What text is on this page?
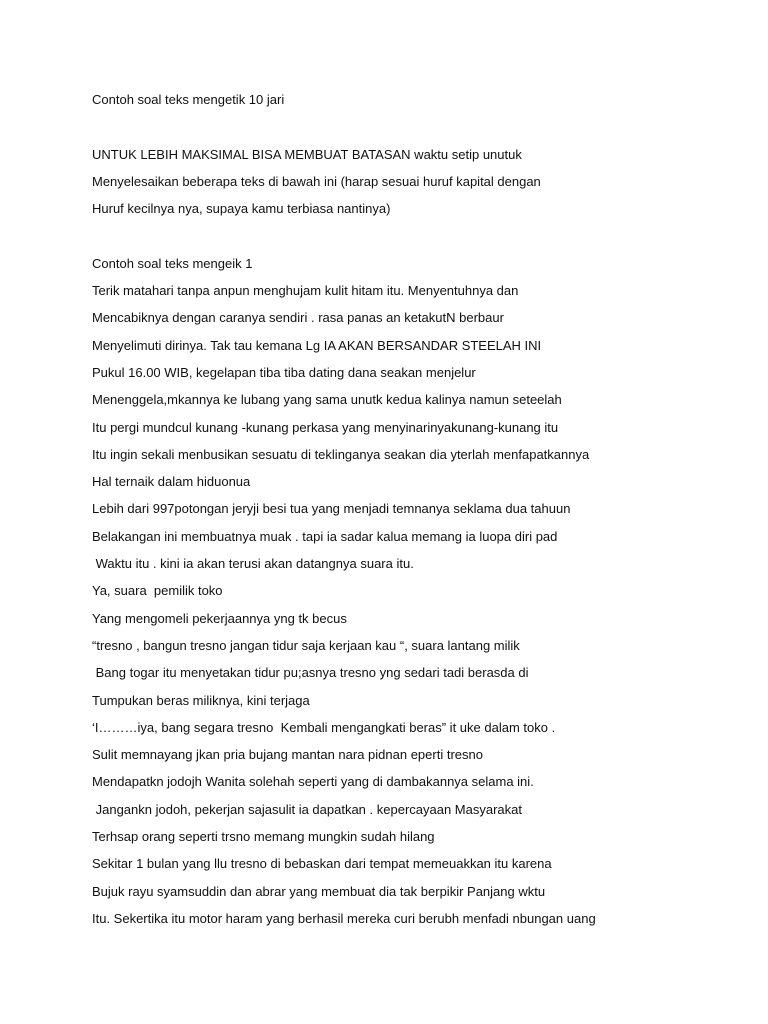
Contoh soal teks mengetik 10 jari
UNTUK LEBIH MAKSIMAL BISA MEMBUAT BATASAN waktu setip unutuk
Menyelesaikan beberapa teks di bawah ini (harap sesuai huruf kapital dengan
Huruf kecilnya nya, supaya kamu terbiasa nantinya)
Contoh soal teks mengeik 1
Terik matahari tanpa anpun menghujam kulit hitam itu. Menyentuhnya dan
Mencabiknya dengan caranya sendiri . rasa panas an ketakutN berbaur
Menyelimuti dirinya. Tak tau kemana Lg IA AKAN BERSANDAR STEELAH INI
Pukul 16.00 WIB, kegelapan tiba tiba dating dana seakan menjelur
Menenggela,mkannya ke lubang yang sama unutk kedua kalinya namun seteelah
Itu pergi mundcul kunang -kunang perkasa yang menyinarinyakunang-kunang itu
Itu ingin sekali menbusikan sesuatu di teklinganya seakan dia yterlah menfapatkannya
Hal ternaik dalam hiduonua
Lebih dari 997potongan jeryji besi tua yang menjadi temnanya seklama dua tahuun
Belakangan ini membuatnya muak . tapi ia sadar kalua memang ia luopa diri pad
Waktu itu . kini ia akan terusi akan datangnya suara itu.
Ya, suara  pemilik toko
Yang mengomeli pekerjaannya yng tk becus
“tresno , bangun tresno jangan tidur saja kerjaan kau “, suara lantang milik
Bang togar itu menyetakan tidur pu;asnya tresno yng sedari tadi berasda di
Tumpukan beras miliknya, kini terjaga
‘I………iya, bang segara tresno  Kembali mengangkati beras” it uke dalam toko .
Sulit memnayang jkan pria bujang mantan nara pidnan eperti tresno
Mendapatkn jodojh Wanita solehah seperti yang di dambakannya selama ini.
Jangankn jodoh, pekerjan sajasulit ia dapatkan . kepercayaan Masyarakat
Terhsap orang seperti trsno memang mungkin sudah hilang
Sekitar 1 bulan yang llu tresno di bebaskan dari tempat memeuakkan itu karena
Bujuk rayu syamsuddin dan abrar yang membuat dia tak berpikir Panjang wktu
Itu. Sekertika itu motor haram yang berhasil mereka curi berubh menfadi nbungan uang
